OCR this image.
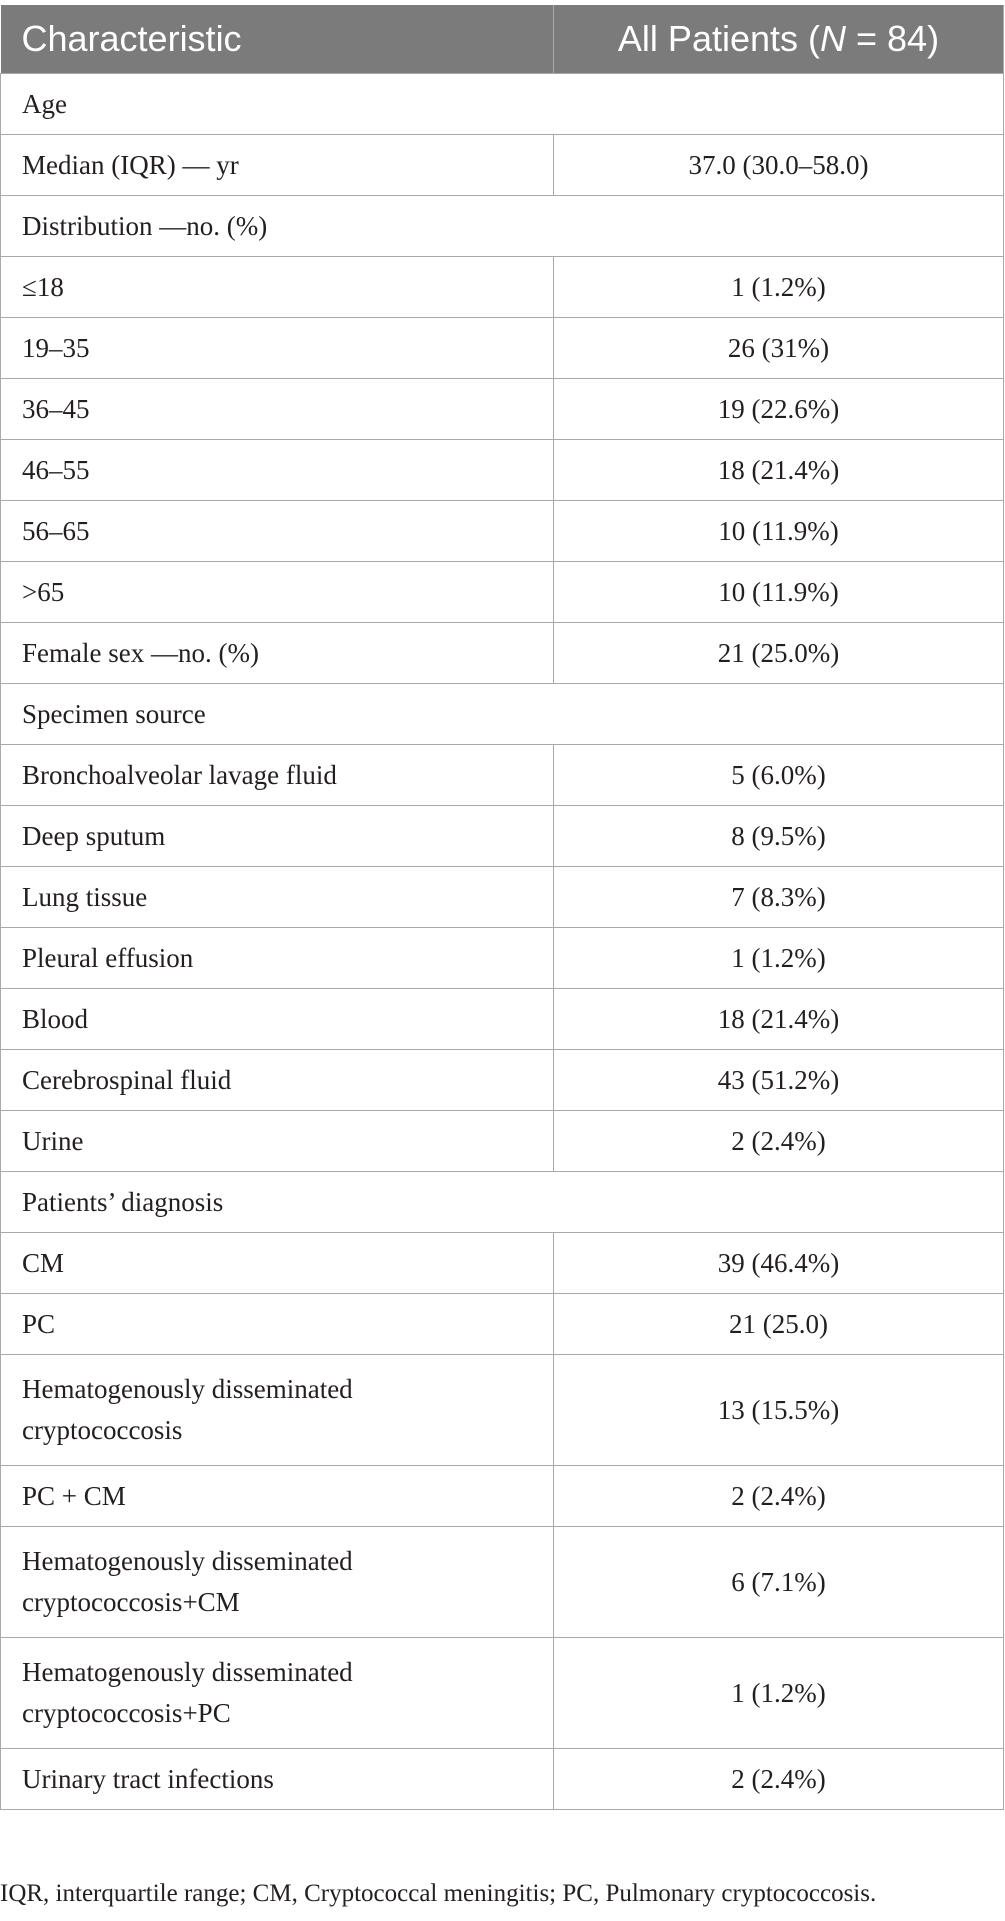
Characteristic	All Patients (N = 84)
Age	
Median (IQR) — yr	37.0 (30.0–58.0)
Distribution —no. (%)	
≤18	1 (1.2%)
19–35	26 (31%)
36–45	19 (22.6%)
46–55	18 (21.4%)
56–65	10 (11.9%)
>65	10 (11.9%)
Female sex —no. (%)	21 (25.0%)
Specimen source	
Bronchoalveolar lavage fluid	5 (6.0%)
Deep sputum	8 (9.5%)
Lung tissue	7 (8.3%)
Pleural effusion	1 (1.2%)
Blood	18 (21.4%)
Cerebrospinal fluid	43 (51.2%)
Urine	2 (2.4%)
Patients’ diagnosis	
CM	39 (46.4%)
PC	21 (25.0)

Hematogenously disseminated
cryptococcosis	13 (15.5%)
PC + CM	2 (2.4%)

Hematogenously disseminated
cryptococcosis+CM	6 (7.1%)

Hematogenously disseminated
cryptococcosis+PC	1 (1.2%)
Urinary tract infections	2 (2.4%)
IQR, interquartile range; CM, Cryptococcal meningitis; PC, Pulmonary cryptococcosis.
